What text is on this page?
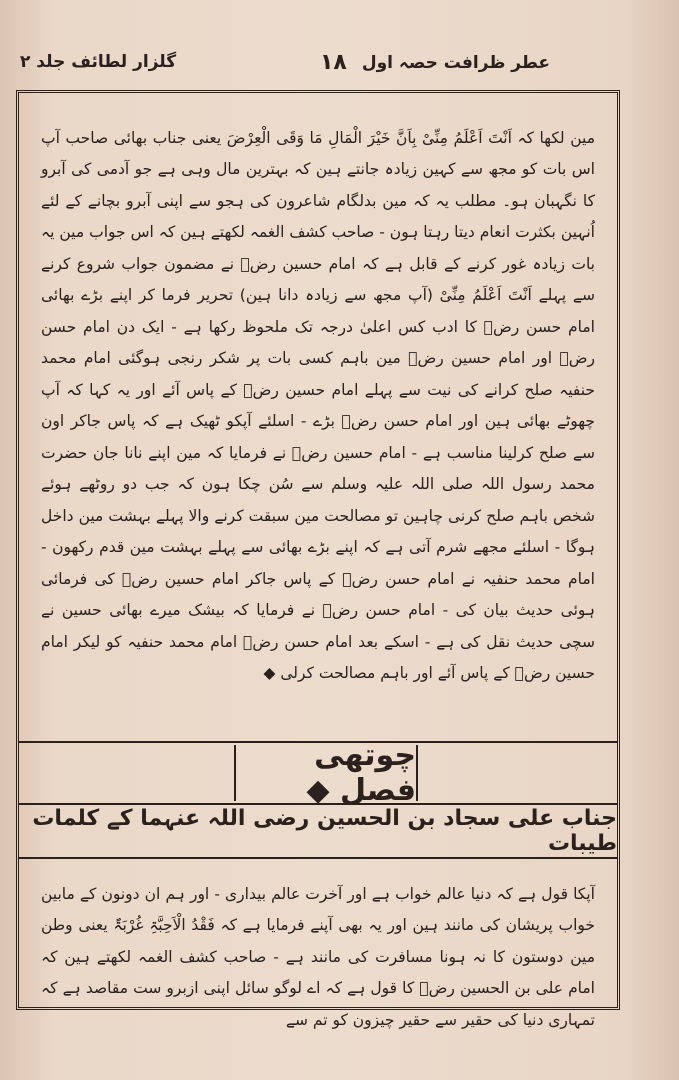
عطر ظرافت حصہ اول
۱۸
گلزار لطائف جلد ۲

مین لکھا کہ اَنْتَ اَعْلَمُ مِنِّیْ بِاَنَّ خَیْرَ الْمَالِ مَا وَقَی الْعِرْضَ یعنی جناب بھائی صاحب آپ اس بات کو مجھ سے کہین زیادہ جانتے ہین کہ بہترین مال وہی ہے جو آدمی کی آبرو کا نگہبان ہو۔ مطلب یہ کہ مین بدلگام شاعرون کی ہجو سے اپنی آبرو بچانے کے لئے اُنہین بکثرت انعام دیتا رہتا ہون - صاحب کشف الغمہ لکھتے ہین کہ اس جواب مین یہ بات زیادہ غور کرنے کے قابل ہے کہ امام حسین رضؓ نے مضمون جواب شروع کرنے سے پہلے اَنْتَ اَعْلَمُ مِنِّیْ (آپ مجھ سے زیادہ دانا ہین) تحریر فرما کر اپنے بڑے بھائی امام حسن رضؓ کا ادب کس اعلیٰ درجہ تک ملحوظ رکھا ہے - ایک دن امام حسن رضؓ اور امام حسین رضؓ مین باہم کسی بات پر شکر رنجی ہوگئی امام محمد حنفیہ صلح کرانے کی نیت سے پہلے امام حسین رضؓ کے پاس آئے اور یہ کہا کہ آپ چھوٹے بھائی ہین اور امام حسن رضؓ بڑے - اسلئے آپکو ٹھیک ہے کہ پاس جاکر اون سے صلح کرلینا مناسب ہے - امام حسین رضؓ نے فرمایا کہ مین اپنے نانا جان حضرت محمد رسول اللہ صلی اللہ علیہ وسلم سے سُن چکا ہون کہ جب دو روٹھے ہوئے شخص باہم صلح کرنی چاہین تو مصالحت مین سبقت کرنے والا پہلے بہشت مین داخل ہوگا - اسلئے مجھے شرم آتی ہے کہ اپنے بڑے بھائی سے پہلے بہشت مین قدم رکھون - امام محمد حنفیہ نے امام حسن رضؓ کے پاس جاکر امام حسین رضؓ کی فرمائی ہوئی حدیث بیان کی - امام حسن رضؓ نے فرمایا کہ بیشک میرے بھائی حسین نے سچی حدیث نقل کی ہے - اسکے بعد امام حسن رضؓ امام محمد حنفیہ کو لیکر امام حسین رضؓ کے پاس آئے اور باہم مصالحت کرلی ◆

چوتھی فصل ◆
جناب علی سجاد بن الحسین رضی اللہ عنہما کے کلمات طیبات

آپکا قول ہے کہ دنیا عالم خواب ہے اور آخرت عالم بیداری - اور ہم ان دونون کے مابین خواب پریشان کی مانند ہین اور یہ بھی آپنے فرمایا ہے کہ فَقْدُ الْاَحِبَّۃِ غُرْبَۃٌ یعنی وطن مین دوستون کا نہ ہونا مسافرت کی مانند ہے - صاحب کشف الغمہ لکھتے ہین کہ امام علی بن الحسین رضؓ کا قول ہے کہ اے لوگو سائل اپنی ازبرو ست مقاصد ہے کہ تمہاری دنیا کی حقیر سے حقیر چیزون کو تم سے
